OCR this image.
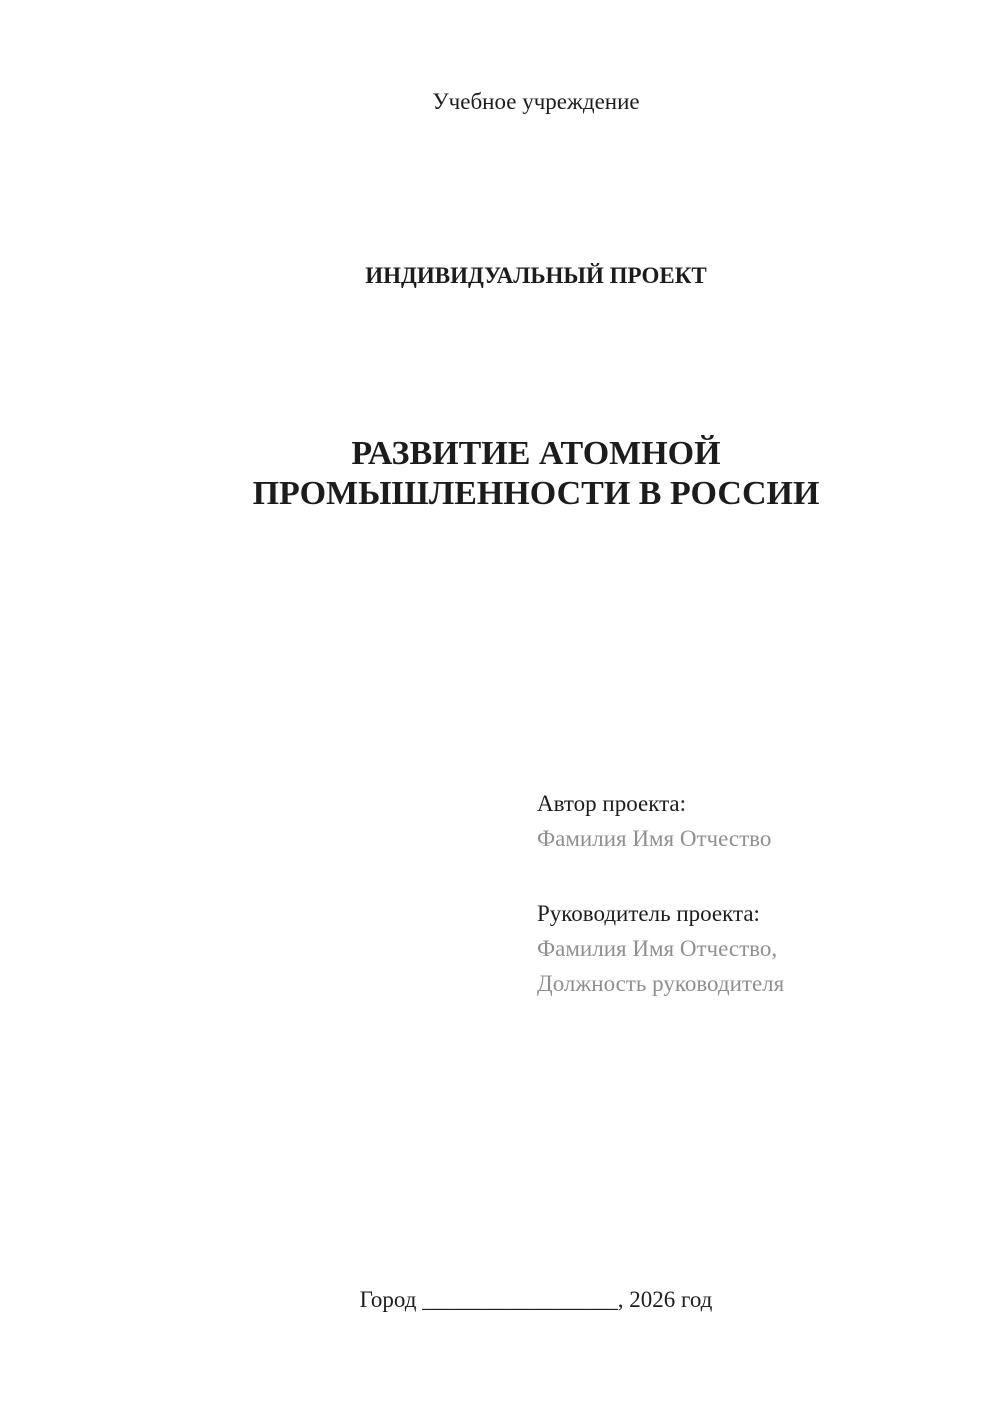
Учебное учреждение
ИНДИВИДУАЛЬНЫЙ ПРОЕКТ
РАЗВИТИЕ АТОМНОЙ
ПРОМЫШЛЕННОСТИ В РОССИИ
Автор проекта:
Фамилия Имя Отчество
Руководитель проекта:
Фамилия Имя Отчество,
Должность руководителя
Город _________________, 2026 год
